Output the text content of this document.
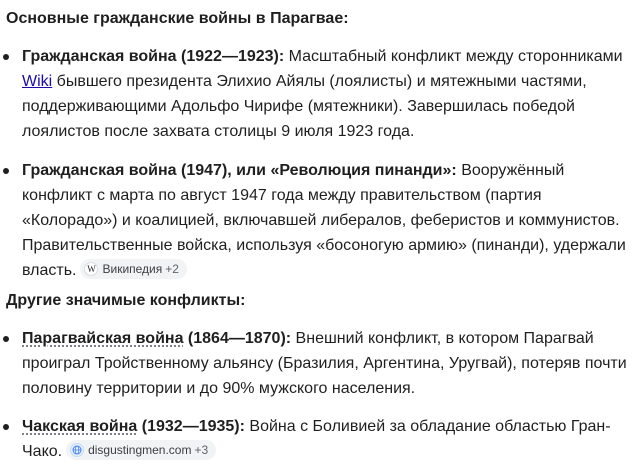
Основные гражданские войны в Парагвае:
Гражданская война (1922—1923): Масштабный конфликт между сторонниками Wiki бывшего президента Элихио Айялы (лоялисты) и мятежными частями, поддерживающими Адольфо Чирифе (мятежники). Завершилась победой лоялистов после захвата столицы 9 июля 1923 года.
Гражданская война (1947), или «Революция пинанди»: Вооружённый конфликт с марта по август 1947 года между правительством (партия «Колорадо») и коалицией, включавшей либералов, феберистов и коммунистов. Правительственные войска, используя «босоногую армию» (пинанди), удержали власть.	W Википедия +2
Другие значимые конфликты:
Парагвайская война (1864—1870): Внешний конфликт, в котором Парагвай проиграл Тройственному альянсу (Бразилия, Аргентина, Уругвай), потеряв почти половину территории и до 90% мужского населения.
Чакская война (1932—1935): Война с Боливией за обладание областью Гран-Чако. disgustingmen.com +3
